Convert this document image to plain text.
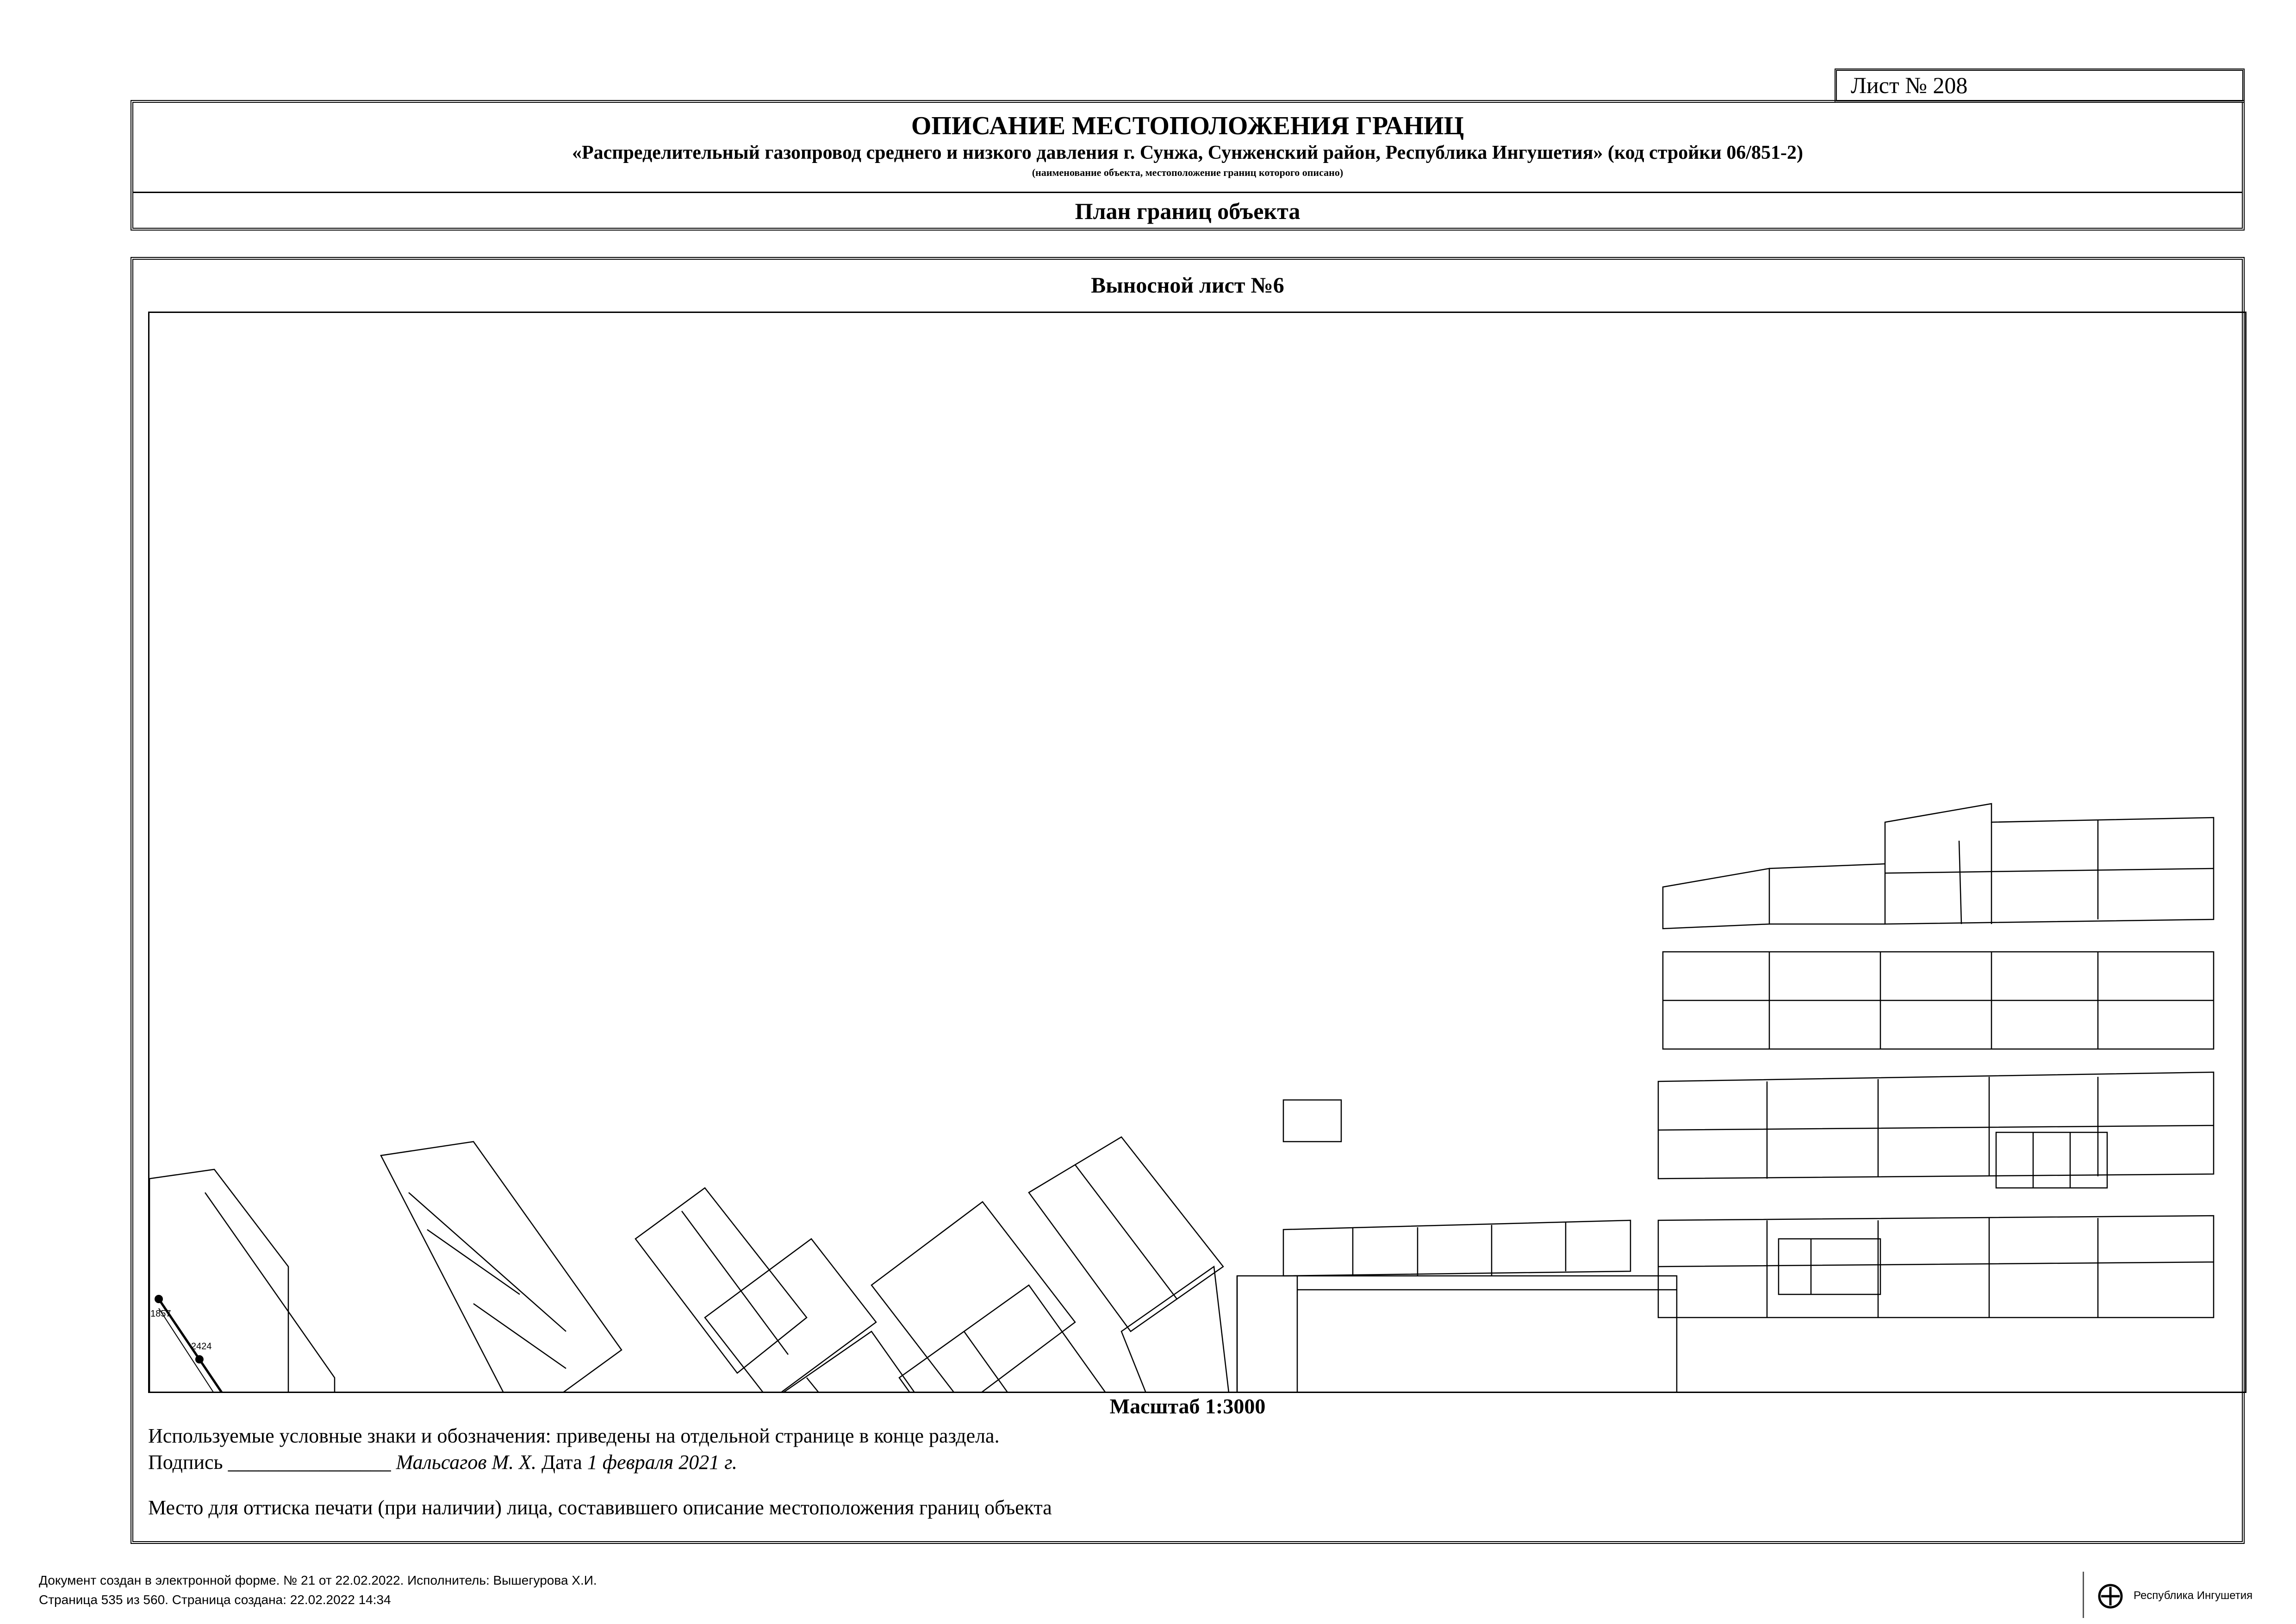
Лист № 208
ОПИСАНИЕ МЕСТОПОЛОЖЕНИЯ ГРАНИЦ
«Распределительный газопровод среднего и низкого давления г. Сунжа, Сунженский район, Республика Ингушетия» (код стройки 06/851-2)
(наименование объекта, местоположение границ которого описано)
План границ объекта
Выносной лист №6
1857
2424
Масштаб 1:3000
Используемые условные знаки и обозначения: приведены на отдельной странице в конце раздела.
Подпись ________________ Мальсагов М. Х. Дата 1 февраля 2021 г.
Место для оттиска печати (при наличии) лица, составившего описание местоположения границ объекта
Документ создан в электронной форме. № 21 от 22.02.2022. Исполнитель: Вышегурова Х.И.
Страница 535 из 560. Страница создана: 22.02.2022 14:34	Республика Ингушетия
